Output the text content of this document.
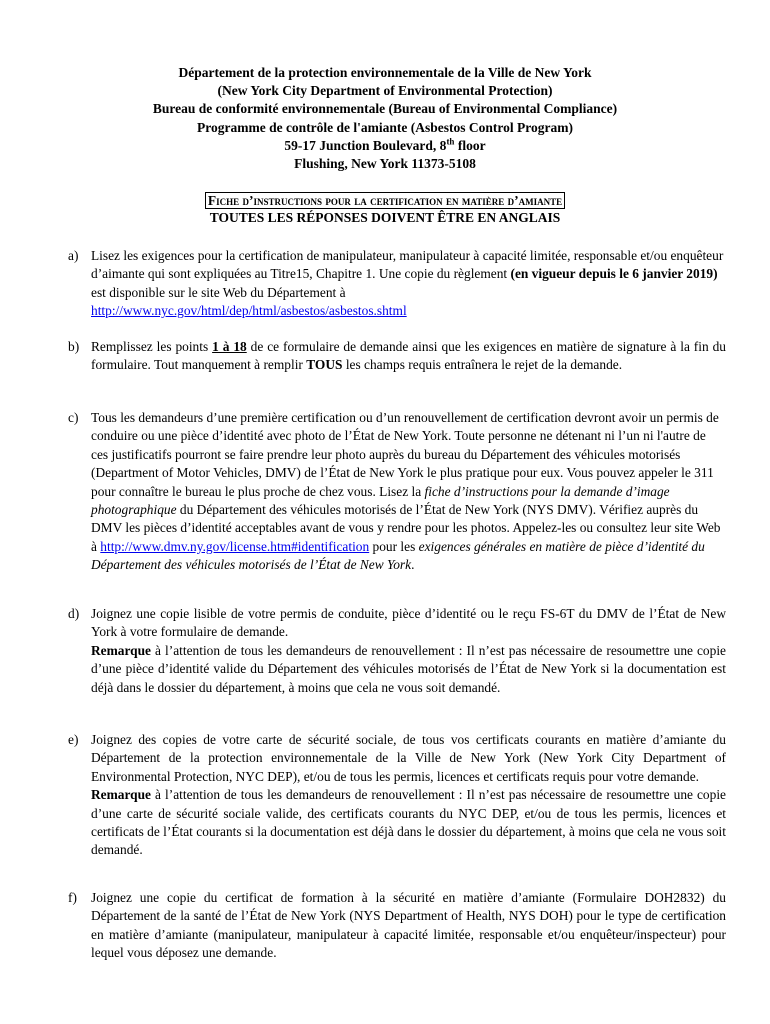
Département de la protection environnementale de la Ville de New York
(New York City Department of Environmental Protection)
Bureau de conformité environnementale (Bureau of Environmental Compliance)
Programme de contrôle de l'amiante (Asbestos Control Program)
59-17 Junction Boulevard, 8th floor
Flushing, New York 11373-5108
Fiche d’instructions pour la certification en matière d’amiante
TOUTES LES RÉPONSES DOIVENT ÊTRE EN ANGLAIS
a) Lisez les exigences pour la certification de manipulateur, manipulateur à capacité limitée, responsable et/ou enquêteur d’aimante qui sont expliquées au Titre15, Chapitre 1. Une copie du règlement (en vigueur depuis le 6 janvier 2019) est disponible sur le site Web du Département à
http://www.nyc.gov/html/dep/html/asbestos/asbestos.shtml
b) Remplissez les points 1 à 18 de ce formulaire de demande ainsi que les exigences en matière de signature à la fin du formulaire. Tout manquement à remplir TOUS les champs requis entraînera le rejet de la demande.
c) Tous les demandeurs d’une première certification ou d’un renouvellement de certification devront avoir un permis de conduire ou une pièce d’identité avec photo de l’État de New York. Toute personne ne détenant ni l’un ni l'autre de ces justificatifs pourront se faire prendre leur photo auprès du bureau du Département des véhicules motorisés (Department of Motor Vehicles, DMV) de l’État de New York le plus pratique pour eux. Vous pouvez appeler le 311 pour connaître le bureau le plus proche de chez vous. Lisez la fiche d’instructions pour la demande d’image photographique du Département des véhicules motorisés de l’État de New York (NYS DMV). Vérifiez auprès du DMV les pièces d’identité acceptables avant de vous y rendre pour les photos. Appelez-les ou consultez leur site Web à http://www.dmv.ny.gov/license.htm#identification pour les exigences générales en matière de pièce d’identité du Département des véhicules motorisés de l’État de New York.
d) Joignez une copie lisible de votre permis de conduite, pièce d’identité ou le reçu FS-6T du DMV de l’État de New York à votre formulaire de demande.
Remarque à l’attention de tous les demandeurs de renouvellement : Il n’est pas nécessaire de resoumettre une copie d’une pièce d’identité valide du Département des véhicules motorisés de l’État de New York si la documentation est déjà dans le dossier du département, à moins que cela ne vous soit demandé.
e) Joignez des copies de votre carte de sécurité sociale, de tous vos certificats courants en matière d’amiante du Département de la protection environnementale de la Ville de New York (New York City Department of Environmental Protection, NYC DEP), et/ou de tous les permis, licences et certificats requis pour votre demande.
Remarque à l’attention de tous les demandeurs de renouvellement : Il n’est pas nécessaire de resoumettre une copie d’une carte de sécurité sociale valide, des certificats courants du NYC DEP, et/ou de tous les permis, licences et certificats de l’État courants si la documentation est déjà dans le dossier du département, à moins que cela ne vous soit demandé.
f)	Joignez une copie du certificat de formation à la sécurité en matière d’amiante (Formulaire DOH2832) du Département de la santé de l’État de New York (NYS Department of Health, NYS DOH) pour le type de certification en matière d’amiante (manipulateur, manipulateur à capacité limitée, responsable et/ou enquêteur/inspecteur) pour lequel vous déposez une demande.
